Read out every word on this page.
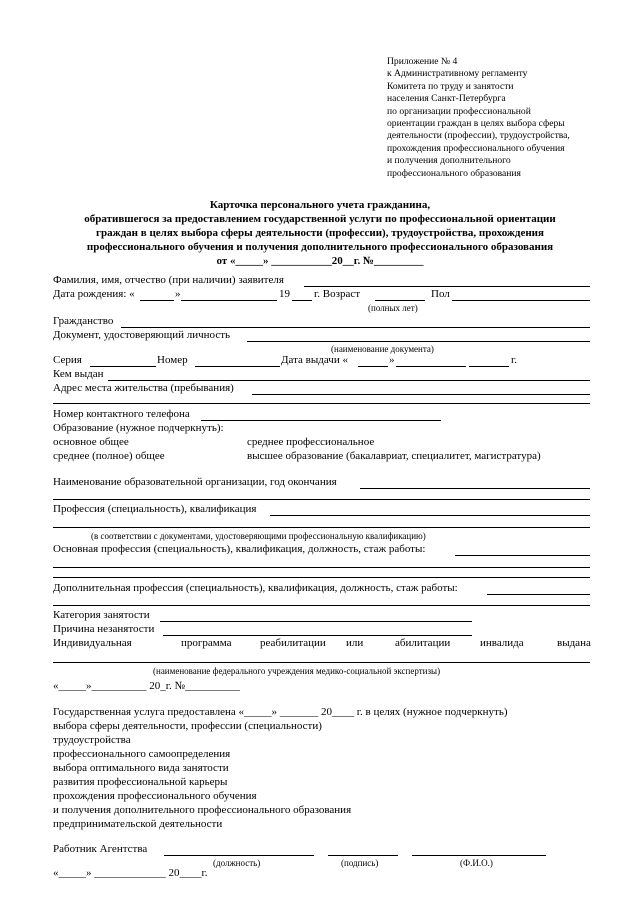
Приложение № 4
к Административному регламенту
Комитета по труду и занятости
населения Санкт-Петербурга
по организации профессиональной
ориентации граждан в целях выбора сферы
деятельности (профессии), трудоустройства,
прохождения профессионального обучения
и получения дополнительного
профессионального образования
Карточка персонального учета гражданина,
обратившегося за предоставлением государственной услуги по профессиональной ориентации
граждан в целях выбора сферы деятельности (профессии), трудоустройства, прохождения
профессионального обучения и получения дополнительного профессионального образования
от «_____» ___________20__г. №_________
Фамилия, имя, отчество (при наличии) заявителя
Дата рождения: «	»	19 г. Возраст	Пол
(полных лет)
Гражданство
Документ, удостоверяющий личность
(наименование документа)
Серия	Номер	Дата выдачи «	»	г.
Кем выдан
Адрес места жительства (пребывания)
Номер контактного телефона
Образование (нужное подчеркнуть):
основное общее	среднее профессиональное
среднее (полное) общее	высшее образование (бакалавриат, специалитет, магистратура)
Наименование образовательной организации, год окончания
Профессия (специальность), квалификация
(в соответствии с документами, удостоверяющими профессиональную квалификацию)
Основная профессия (специальность), квалификация, должность, стаж работы:
Дополнительная профессия (специальность), квалификация, должность, стаж работы:
Категория занятости
Причина незанятости
Индивидуальная	программа	реабилитации или	абилитации	инвалида	выдана
(наименование федерального учреждения медико-социальной экспертизы)
«_____»__________ 20_г. №__________
Государственная услуга предоставлена «_____» _______ 20____ г. в целях (нужное подчеркнуть)
выбора сферы деятельности, профессии (специальности)
трудоустройства
профессионального самоопределения
выбора оптимального вида занятости
развития профессиональной карьеры
прохождения профессионального обучения
и получения дополнительного профессионального образования
предпринимательской деятельности
Работник Агентства
(должность)	(подпись)	(Ф.И.О.)
«_____» _____________ 20____г.
